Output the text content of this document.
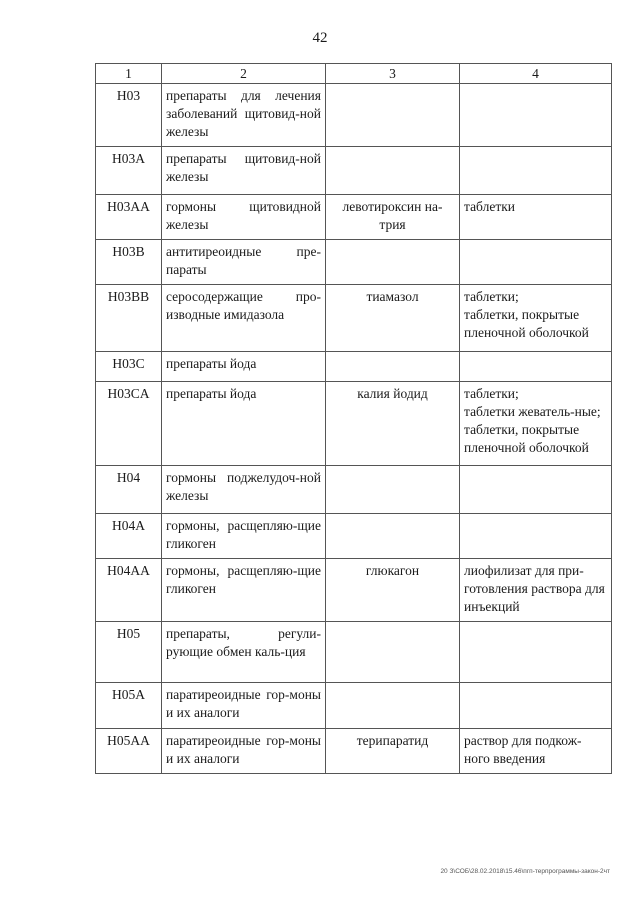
42
1	2	3	4
H03	препараты для лечения заболеваний щитовид-ной железы		
H03A	препараты щитовид-ной железы		
H03AA	гормоны щитовидной железы	левотироксин на-трия	таблетки

H03B	антитиреоидные пре-параты		
H03BB	серосодержащие про-изводные имидазола	тиамазол	таблетки;
таблетки, покрытые пленочной оболочкой

H03C	препараты йода		
H03CA	препараты йода	калия йодид	таблетки;
таблетки жеватель-ные;
таблетки, покрытые пленочной оболочкой

H04	гормоны поджелудоч-ной железы		
H04A	гормоны, расщепляю-щие гликоген		
H04AA	гормоны, расщепляю-щие гликоген	глюкагон	лиофилизат для при-готовления раствора для инъекций

H05	препараты, регули-рующие обмен каль-ция		
H05A	паратиреоидные гор-моны и их аналоги		
H05AA	паратиреоидные гор-моны и их аналоги	терипаратид	раствор для подкож-ного введения
20 З\СОБ\28.02.2018\15.46\пгп-терпрограммы-закон-2чт
